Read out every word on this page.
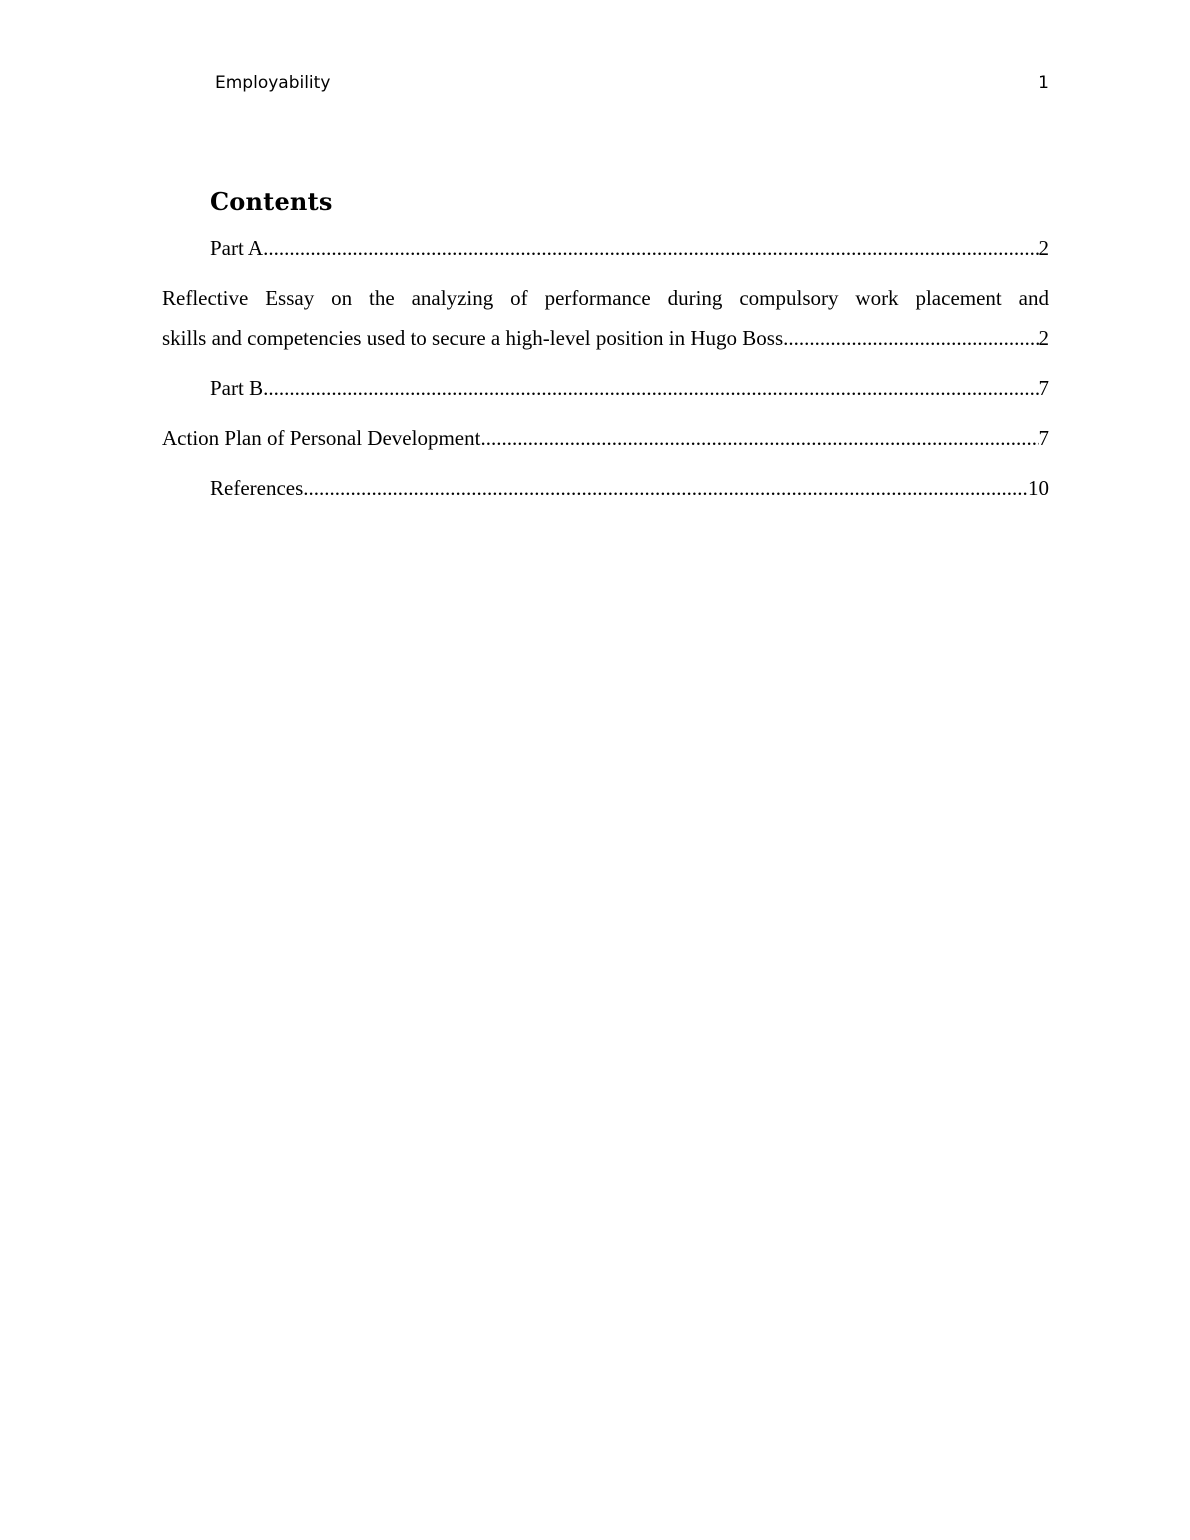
Employability	1
Contents
Part A .....	2
Reflective Essay on the analyzing of performance during compulsory work placement and
skills and competencies used to secure a high-level position in Hugo Boss .....	2
Part B .....	7
Action Plan of Personal Development .....	7
References .....	10
